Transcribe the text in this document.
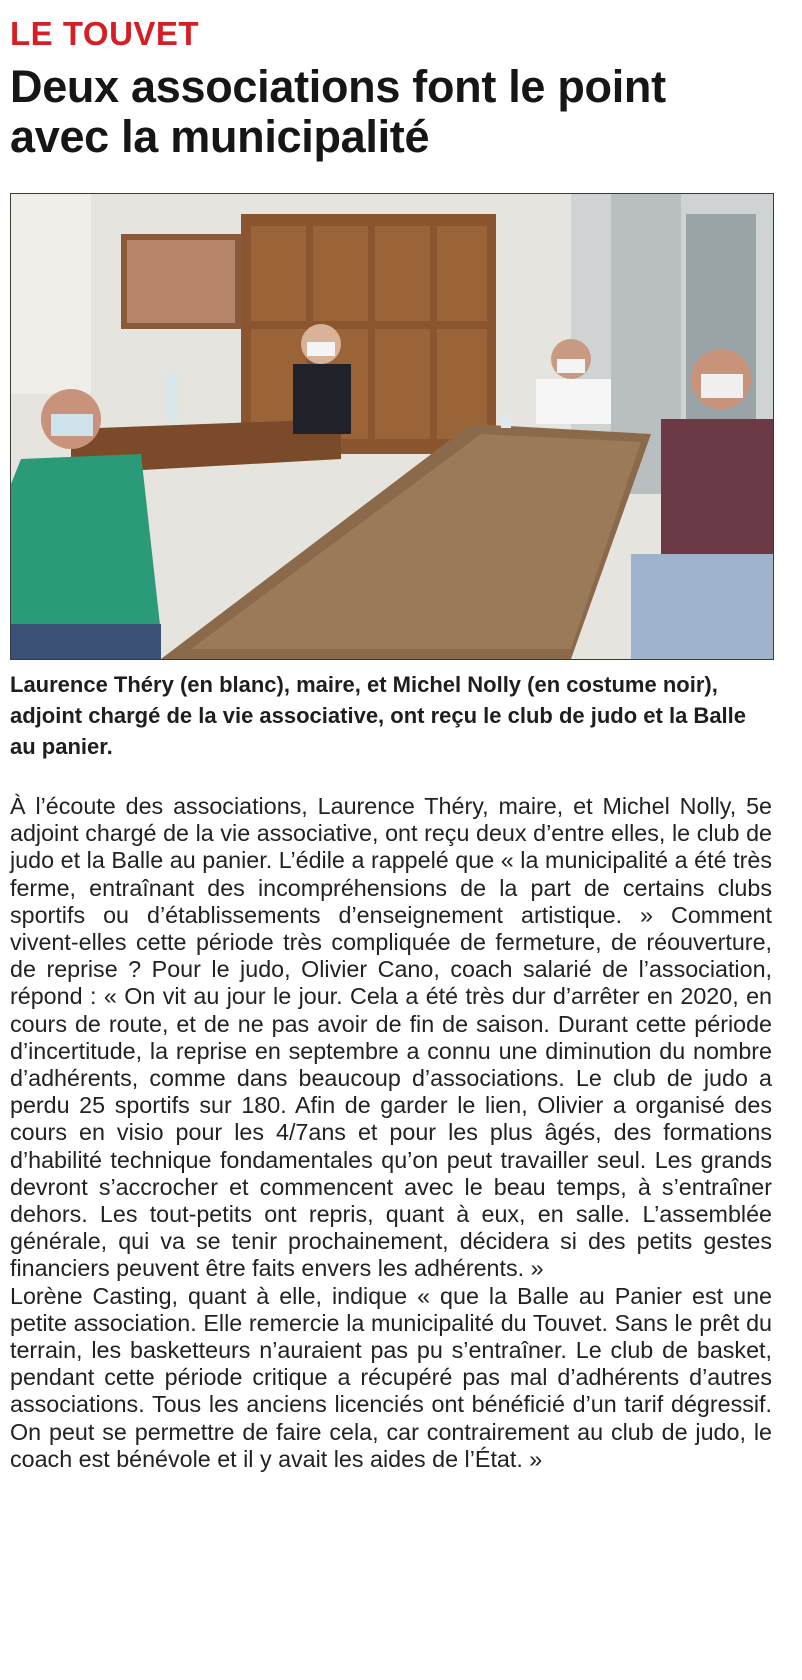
LE TOUVET
Deux associations font le point
avec la municipalité

Laurence Théry (en blanc), maire, et Michel Nolly (en costume noir), adjoint chargé de la vie associative, ont reçu le club de judo et la Balle au panier.

À l’écoute des associations, Laurence Théry, maire, et Michel Nolly, 5e adjoint chargé de la vie associative, ont reçu deux d’entre elles, le club de judo et la Balle au panier. L’édile a rappelé que « la municipalité a été très ferme, entraînant des incompréhensions de la part de certains clubs sportifs ou d’établissements d’enseignement artistique. » Comment vivent-elles cette période très compliquée de fermeture, de réouverture, de reprise ? Pour le judo, Olivier Cano, coach salarié de l’association, répond : « On vit au jour le jour. Cela a été très dur d’arrêter en 2020, en cours de route, et de ne pas avoir de fin de saison. Durant cette période d’incertitude, la reprise en septembre a connu une diminution du nombre d’adhérents, comme dans beaucoup d’associations. Le club de judo a perdu 25 sportifs sur 180. Afin de garder le lien, Olivier a organisé des cours en visio pour les 4/7ans et pour les plus âgés, des formations d’habilité technique fondamentales qu’on peut travailler seul. Les grands devront s’accrocher et commencent avec le beau temps, à s’entraîner dehors. Les tout-petits ont repris, quant à eux, en salle. L’assemblée générale, qui va se tenir prochainement, décidera si des petits gestes financiers peuvent être faits envers les adhérents. »

Lorène Casting, quant à elle, indique « que la Balle au Panier est une petite association. Elle remercie la municipalité du Touvet. Sans le prêt du terrain, les basketteurs n’auraient pas pu s’entraîner. Le club de basket, pendant cette période critique a récupéré pas mal d’adhérents d’autres associations. Tous les anciens licenciés ont bénéficié d’un tarif dégressif. On peut se permettre de faire cela, car contrairement au club de judo, le coach est bénévole et il y avait les aides de l’État. »
